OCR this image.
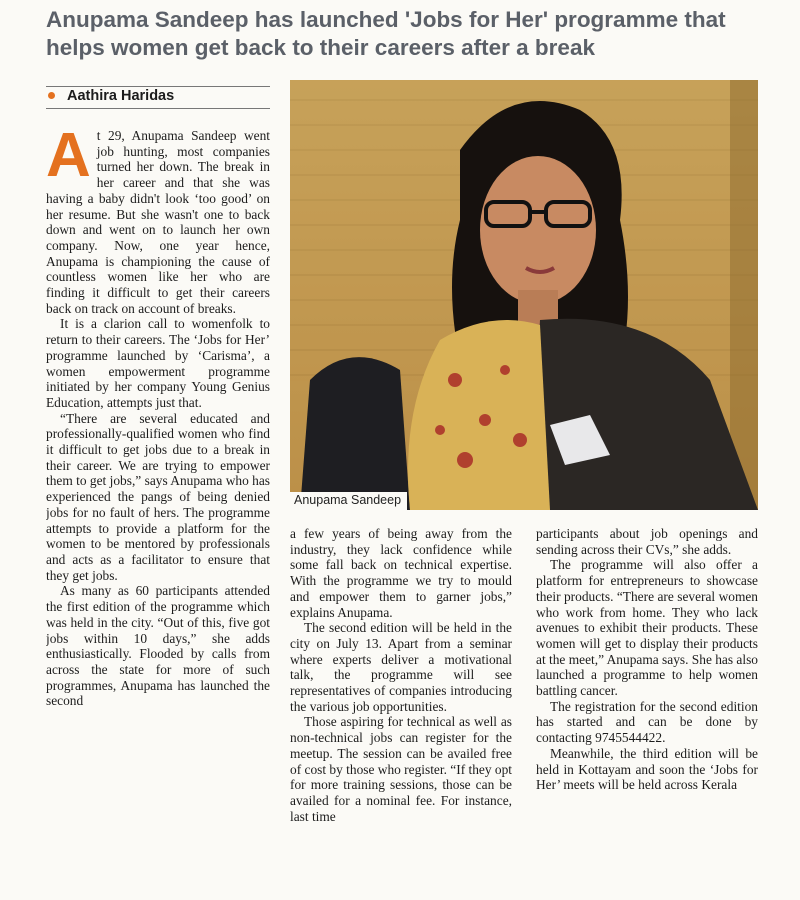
Anupama Sandeep has launched 'Jobs for Her' programme that helps women get back to their careers after a break
Aathira Haridas

At 29, Anupama Sandeep went job hunting, most companies turned her down. The break in her career and that she was having a baby didn't look ‘too good’ on her resume. But she wasn't one to back down and went on to launch her own company. Now, one year hence, Anupama is championing the cause of countless women like her who are finding it difficult to get their careers back on track on account of breaks.

It is a clarion call to womenfolk to return to their careers. The ‘Jobs for Her’ programme launched by ‘Carisma’, a women empowerment programme initiated by her company Young Genius Education, attempts just that.

“There are several educated and professionally-qualified women who find it difficult to get jobs due to a break in their career. We are trying to empower them to get jobs,” says Anupama who has experienced the pangs of being denied jobs for no fault of hers. The programme attempts to provide a platform for the women to be mentored by professionals and acts as a facilitator to ensure that they get jobs.

As many as 60 participants attended the first edition of the programme which was held in the city. “Out of this, five got jobs within 10 days,” she adds enthusiastically. Flooded by calls from across the state for more of such programmes, Anupama has launched the second

Anupama Sandeep

a few years of being away from the industry, they lack confidence while some fall back on technical expertise. With the programme we try to mould and empower them to garner jobs,” explains Anupama.

The second edition will be held in the city on July 13. Apart from a seminar where experts deliver a motivational talk, the programme will see representatives of companies introducing the various job opportunities.

Those aspiring for technical as well as non-technical jobs can register for the meetup. The session can be availed free of cost by those who register. “If they opt for more training sessions, those can be availed for a nominal fee. For instance, last time

participants about job openings and sending across their CVs,” she adds.

The programme will also offer a platform for entrepreneurs to showcase their products. “There are several women who work from home. They who lack avenues to exhibit their products. These women will get to display their products at the meet,” Anupama says. She has also launched a programme to help women battling cancer.

The registration for the second edition has started and can be done by contacting 9745544422.

Meanwhile, the third edition will be held in Kottayam and soon the ‘Jobs for Her’ meets will be held across Kerala
